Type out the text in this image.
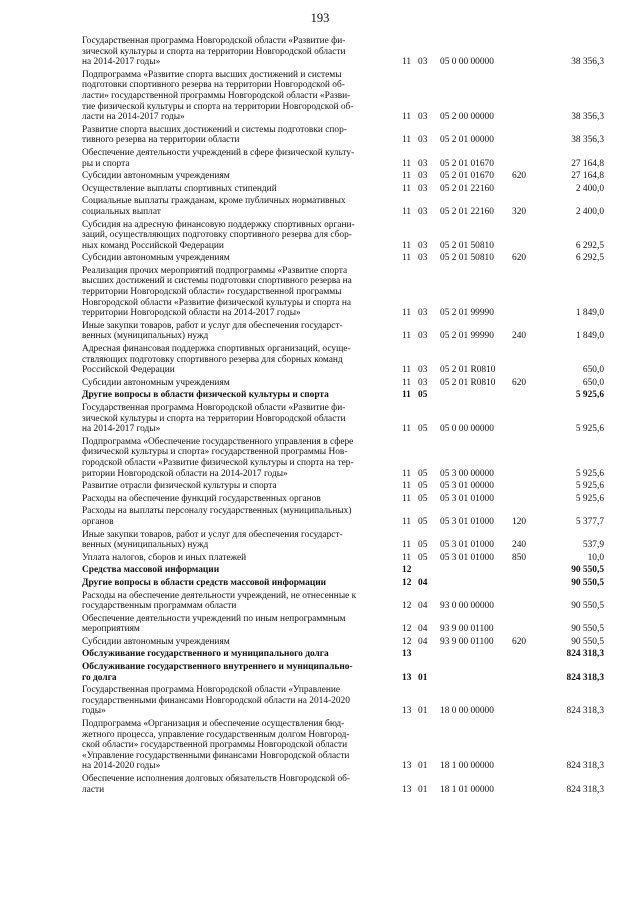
193
Государственная программа Новгородской области «Развитие фи-
зической культуры и спорта на территории Новгородской области
на 2014-2017 годы»	11	03	05 0 00 00000		38 356,3
Подпрограмма «Развитие спорта высших достижений и системы
подготовки спортивного резерва на территории Новгородской об-
ласти» государственной программы Новгородской области «Разви-
тие физической культуры и спорта на территории Новгородской об-
ласти на 2014-2017 годы»	11	03	05 2 00 00000		38 356,3
Развитие спорта высших достижений и системы подготовки спор-
тивного резерва на территории области	11	03	05 2 01 00000		38 356,3
Обеспечение деятельности учреждений в сфере физической культу-
ры и спорта	11	03	05 2 01 01670		27 164,8
Субсидии автономным учреждениям	11	03	05 2 01 01670	620	27 164,8
Осуществление выплаты спортивных стипендий	11	03	05 2 01 22160		2 400,0
Социальные выплаты гражданам, кроме публичных нормативных
социальных выплат	11	03	05 2 01 22160	320	2 400,0
Субсидия на адресную финансовую поддержку спортивных органи-
заций, осуществляющих подготовку спортивного резерва для сбор-
ных команд Российской Федерации	11	03	05 2 01 50810		6 292,5
Субсидии автономным учреждениям	11	03	05 2 01 50810	620	6 292,5
Реализация прочих мероприятий подпрограммы «Развитие спорта
высших достижений и системы подготовки спортивного резерва на
территории Новгородской области» государственной программы
Новгородской области «Развитие физической культуры и спорта на
территории Новгородской области на 2014-2017 годы»	11	03	05 2 01 99990		1 849,0
Иные закупки товаров, работ и услуг для обеспечения государст-
венных (муниципальных) нужд	11	03	05 2 01 99990	240	1 849,0
Адресная финансовая поддержка спортивных организаций, осуще-
ствляющих подготовку спортивного резерва для сборных команд
Российской Федерации	11	03	05 2 01 R0810		650,0
Субсидии автономным учреждениям	11	03	05 2 01 R0810	620	650,0
Другие вопросы в области физической культуры и спорта	11	05			5 925,6
Государственная программа Новгородской области «Развитие фи-
зической культуры и спорта на территории Новгородской области
на 2014-2017 годы»	11	05	05 0 00 00000		5 925,6
Подпрограмма «Обеспечение государственного управления в сфере
физической культуры и спорта» государственной программы Нов-
городской области «Развитие физической культуры и спорта на тер-
ритории Новгородской области на 2014-2017 годы»	11	05	05 3 00 00000		5 925,6
Развитие отрасли физической культуры и спорта	11	05	05 3 01 00000		5 925,6
Расходы на обеспечение функций государственных органов	11	05	05 3 01 01000		5 925,6
Расходы на выплаты персоналу государственных (муниципальных)
органов	11	05	05 3 01 01000	120	5 377,7
Иные закупки товаров, работ и услуг для обеспечения государст-
венных (муниципальных) нужд	11	05	05 3 01 01000	240	537,9
Уплата налогов, сборов и иных платежей	11	05	05 3 01 01000	850	10,0
Средства массовой информации	12				90 550,5
Другие вопросы в области средств массовой информации	12	04			90 550,5
Расходы на обеспечение деятельности учреждений, не отнесенные к
государственным программам области	12	04	93 0 00 00000		90 550,5
Обеспечение деятельности учреждений по иным непрограммным
мероприятиям	12	04	93 9 00 01100		90 550,5
Субсидии автономным учреждениям	12	04	93 9 00 01100	620	90 550,5
Обслуживание государственного и муниципального долга	13				824 318,3
Обслуживание государственного внутреннего и муниципально-
го долга	13	01			824 318,3
Государственная программа Новгородской области «Управление
государственными финансами Новгородской области на 2014-2020
годы»	13	01	18 0 00 00000		824 318,3
Подпрограмма «Организация и обеспечение осуществления бюд-
жетного процесса, управление государственным долгом Новгород-
ской области» государственной программы Новгородской области
«Управление государственными финансами Новгородской области
на 2014-2020 годы»	13	01	18 1 00 00000		824 318,3
Обеспечение исполнения долговых обязательств Новгородской об-
ласти	13	01	18 1 01 00000		824 318,3
